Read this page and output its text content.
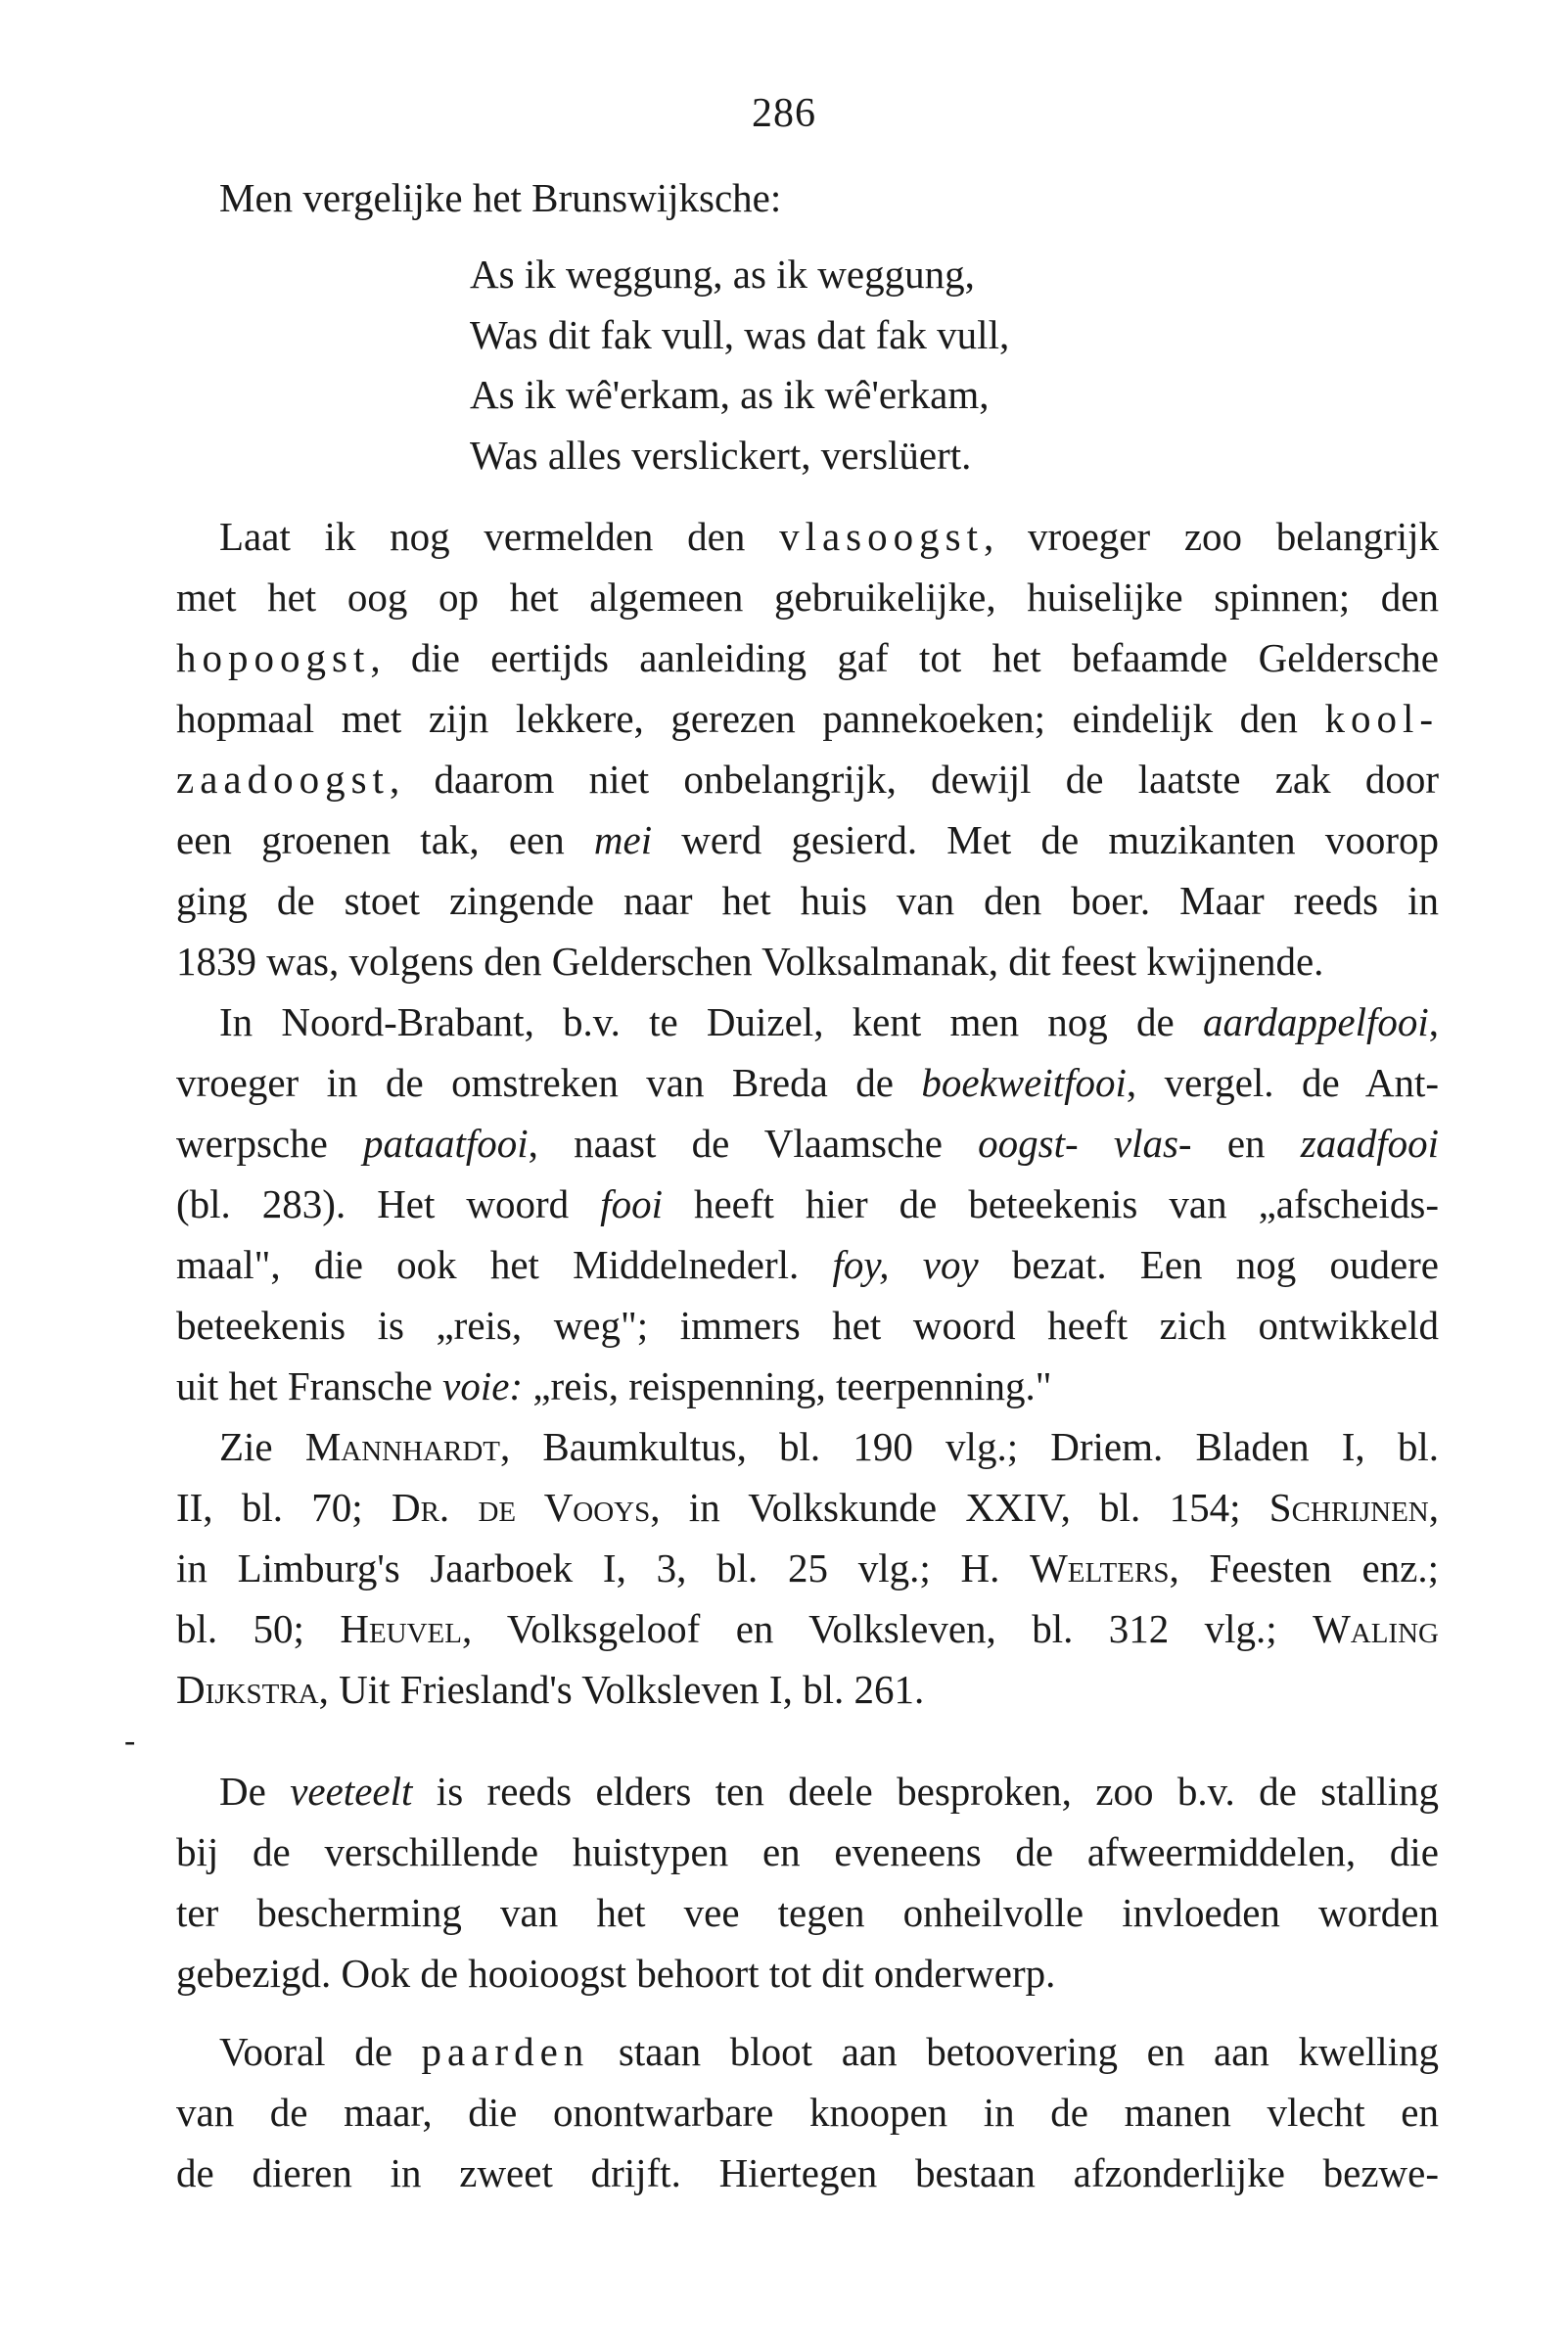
286
Men vergelijke het Brunswijksche:
As ik weggung, as ik weggung,
Was dit fak vull, was dat fak vull,
As ik wê'erkam, as ik wê'erkam,
Was alles verslickert, verslüert.
Laat ik nog vermelden den vlasoogst, vroeger zoo belangrijk
met het oog op het algemeen gebruikelijke, huiselijke spinnen; den
hopoogst, die eertijds aanleiding gaf tot het befaamde Geldersche
hopmaal met zijn lekkere, gerezen pannekoeken; eindelijk den kool-
zaadoogst, daarom niet onbelangrijk, dewijl de laatste zak door
een groenen tak, een mei werd gesierd. Met de muzikanten voorop
ging de stoet zingende naar het huis van den boer. Maar reeds in
1839 was, volgens den Gelderschen Volksalmanak, dit feest kwijnende.
In Noord-Brabant, b.v. te Duizel, kent men nog de aardappelfooi,
vroeger in de omstreken van Breda de boekweitfooi, vergel. de Ant-
werpsche pataatfooi, naast de Vlaamsche oogst- vlas- en zaadfooi
(bl. 283). Het woord fooi heeft hier de beteekenis van „afscheids-
maal", die ook het Middelnederl. foy, voy bezat. Een nog oudere
beteekenis is „reis, weg"; immers het woord heeft zich ontwikkeld
uit het Fransche voie: „reis, reispenning, teerpenning."
Zie Mannhardt, Baumkultus, bl. 190 vlg.; Driem. Bladen I, bl.
II, bl. 70; Dr. de Vooys, in Volkskunde XXIV, bl. 154; Schrijnen,
in Limburg's Jaarboek I, 3, bl. 25 vlg.; H. Welters, Feesten enz.;
bl. 50; Heuvel, Volksgeloof en Volksleven, bl. 312 vlg.; Waling
Dijkstra, Uit Friesland's Volksleven I, bl. 261.
-
De veeteelt is reeds elders ten deele besproken, zoo b.v. de stalling
bij de verschillende huistypen en eveneens de afweermiddelen, die
ter bescherming van het vee tegen onheilvolle invloeden worden
gebezigd. Ook de hooioogst behoort tot dit onderwerp.
Vooral de paarden staan bloot aan betoovering en aan kwelling
van de maar, die onontwarbare knoopen in de manen vlecht en
de dieren in zweet drijft. Hiertegen bestaan afzonderlijke bezwe-
